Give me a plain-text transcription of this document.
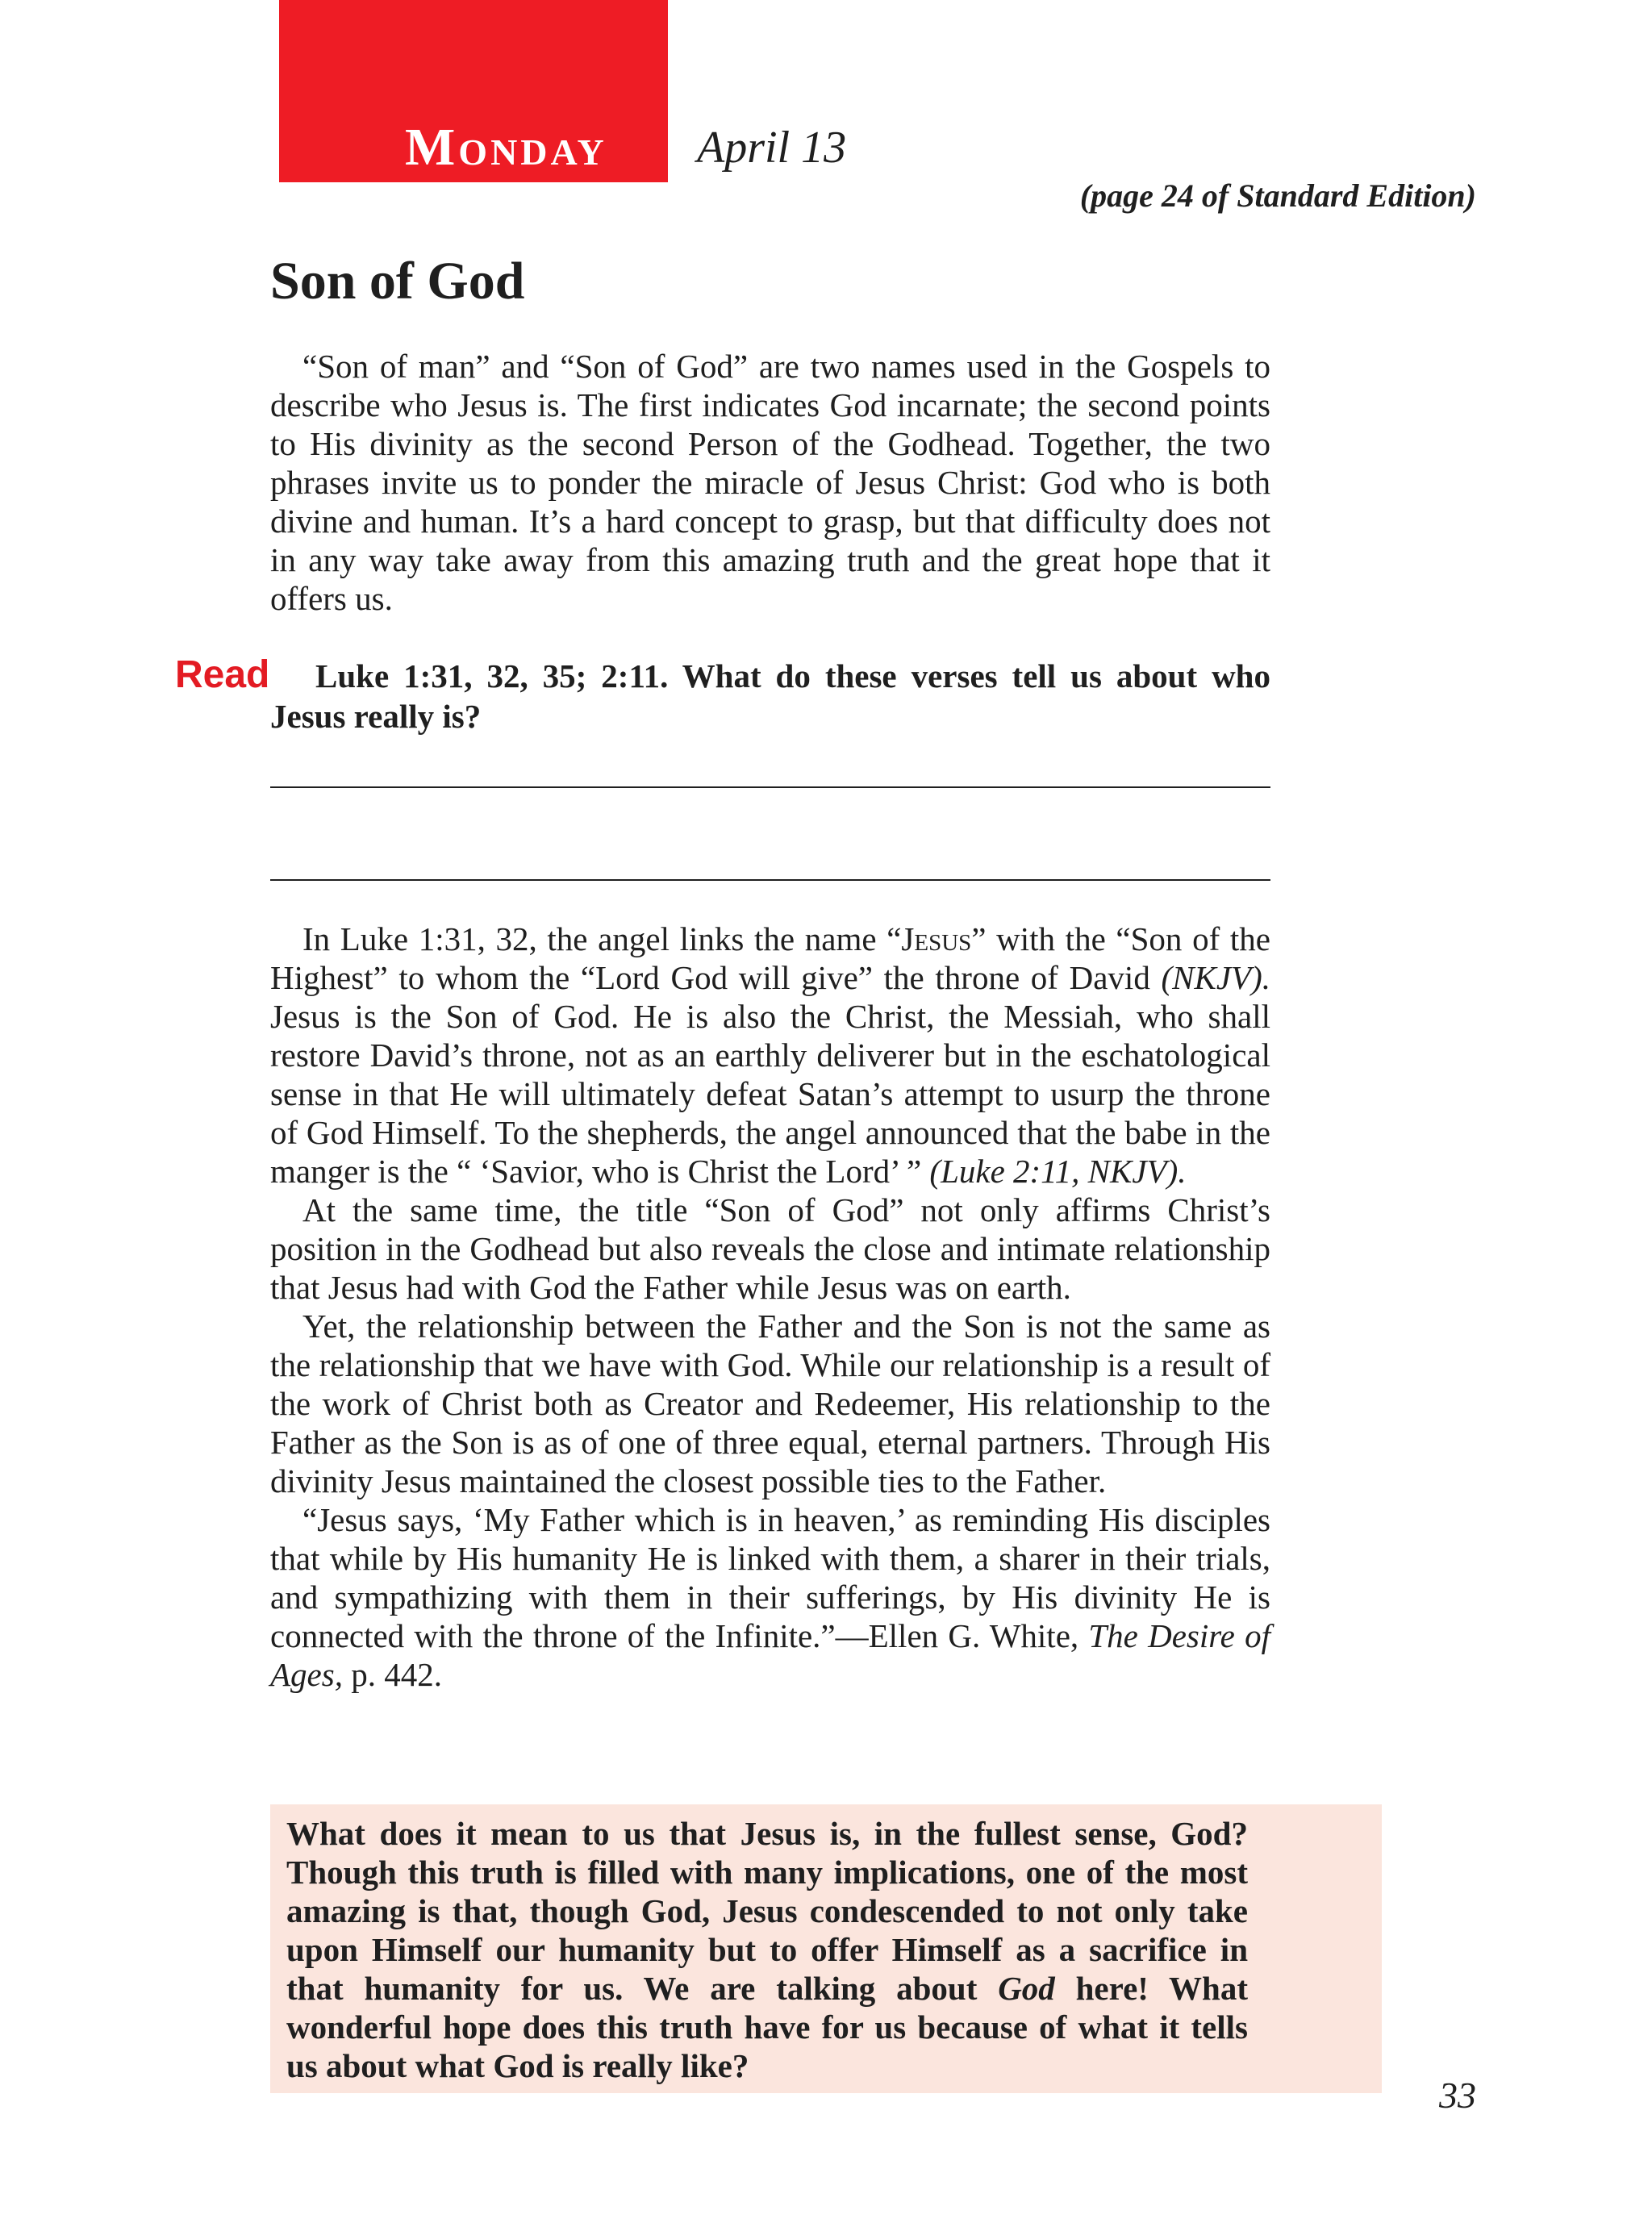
Monday April 13
(page 24 of Standard Edition)
Son of God

“Son of man” and “Son of God” are two names used in the Gospels to describe who Jesus is. The first indicates God incarnate; the second points to His divinity as the second Person of the Godhead. Together, the two phrases invite us to ponder the miracle of Jesus Christ: God who is both divine and human. It’s a hard concept to grasp, but that difficulty does not in any way take away from this amazing truth and the great hope that it offers us.

Read	Luke 1:31, 32, 35; 2:11. What do these verses tell us about who Jesus really is?

In Luke 1:31, 32, the angel links the name “Jesus” with the “Son of the Highest” to whom the “Lord God will give” the throne of David (NKJV). Jesus is the Son of God. He is also the Christ, the Messiah, who shall restore David’s throne, not as an earthly deliverer but in the eschatological sense in that He will ultimately defeat Satan’s attempt to usurp the throne of God Himself. To the shepherds, the angel announced that the babe in the manger is the “ ‘Savior, who is Christ the Lord’ ” (Luke 2:11, NKJV).

At the same time, the title “Son of God” not only affirms Christ’s position in the Godhead but also reveals the close and intimate relationship that Jesus had with God the Father while Jesus was on earth.

Yet, the relationship between the Father and the Son is not the same as the relationship that we have with God. While our relationship is a result of the work of Christ both as Creator and Redeemer, His relationship to the Father as the Son is as of one of three equal, eternal partners. Through His divinity Jesus maintained the closest possible ties to the Father.

“Jesus says, ‘My Father which is in heaven,’ as reminding His disciples that while by His humanity He is linked with them, a sharer in their trials, and sympathizing with them in their sufferings, by His divinity He is connected with the throne of the Infinite.”—Ellen G. White, The Desire of Ages, p. 442.

What does it mean to us that Jesus is, in the fullest sense, God? Though this truth is filled with many implications, one of the most amazing is that, though God, Jesus condescended to not only take upon Himself our humanity but to offer Himself as a sacrifice in that humanity for us. We are talking about God here! What wonderful hope does this truth have for us because of what it tells us about what God is really like?

33
